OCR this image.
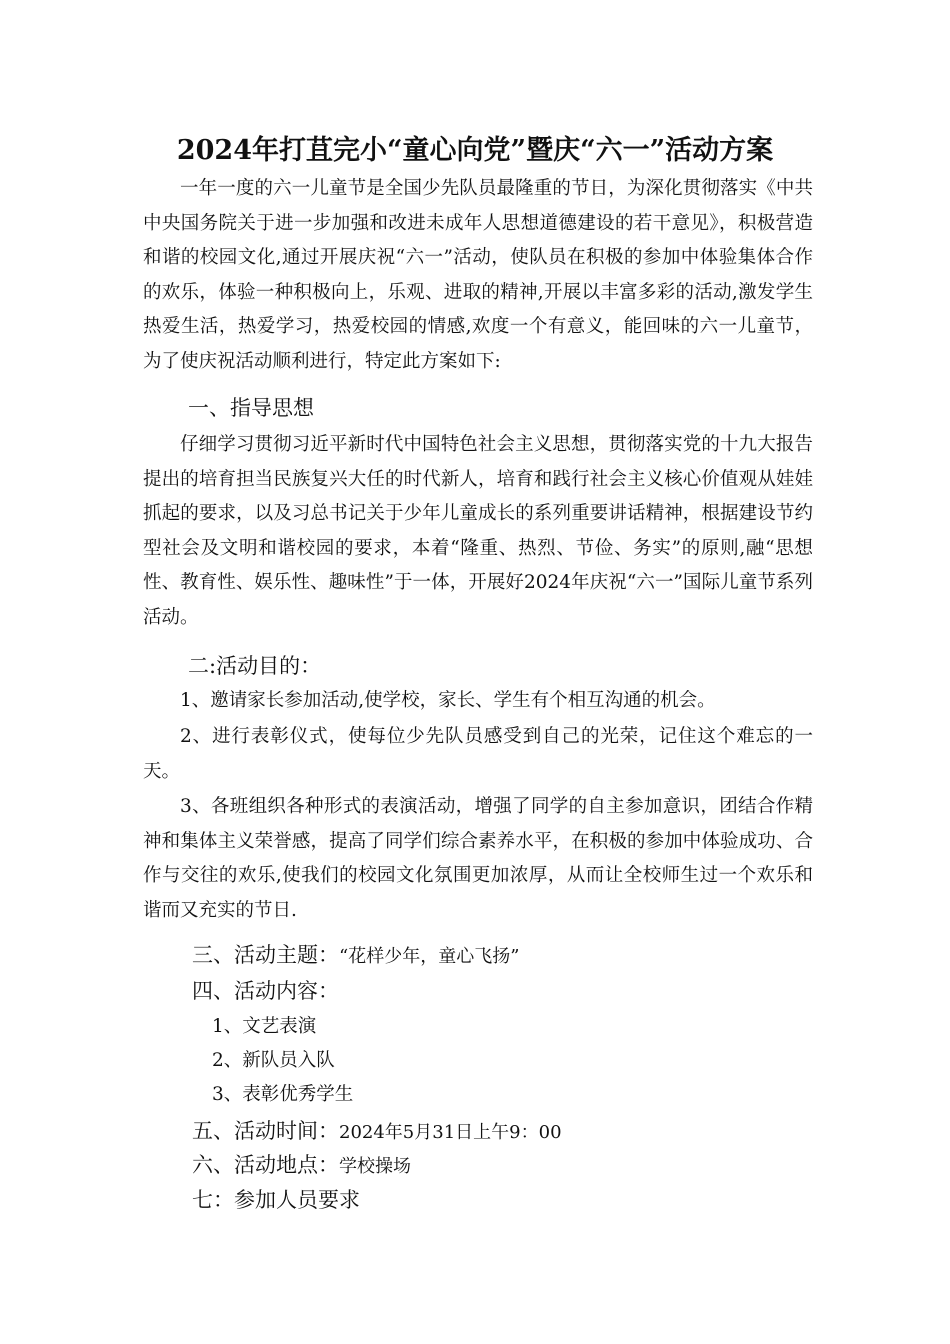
2024年打苴完小“童心向党”暨庆“六一”活动方案

一年一度的六一儿童节是全国少先队员最隆重的节日，为深化贯彻落实《中共中央国务院关于进一步加强和改进未成年人思想道德建设的若干意见》，积极营造和谐的校园文化,通过开展庆祝“六一”活动，使队员在积极的参加中体验集体合作的欢乐，体验一种积极向上，乐观、进取的精神,开展以丰富多彩的活动,激发学生热爱生活，热爱学习，热爱校园的情感,欢度一个有意义，能回味的六一儿童节，为了使庆祝活动顺利进行，特定此方案如下:

一、指导思想

仔细学习贯彻习近平新时代中国特色社会主义思想，贯彻落实党的十九大报告提出的培育担当民族复兴大任的时代新人，培育和践行社会主义核心价值观从娃娃抓起的要求，以及习总书记关于少年儿童成长的系列重要讲话精神，根据建设节约型社会及文明和谐校园的要求，本着“隆重、热烈、节俭、务实”的原则,融“思想性、教育性、娱乐性、趣味性”于一体，开展好2024年庆祝“六一”国际儿童节系列活动。

二:活动目的：

1、邀请家长参加活动,使学校，家长、学生有个相互沟通的机会。

2、进行表彰仪式，使每位少先队员感受到自己的光荣，记住这个难忘的一天。

3、各班组织各种形式的表演活动，增强了同学的自主参加意识，团结合作精神和集体主义荣誉感，提高了同学们综合素养水平，在积极的参加中体验成功、合作与交往的欢乐,使我们的校园文化氛围更加浓厚，从而让全校师生过一个欢乐和谐而又充实的节日.

三、活动主题：“花样少年，童心飞扬”
四、活动内容：
1、文艺表演
2、新队员入队
3、表彰优秀学生
五、活动时间：2024年5月31日上午9：00
六、活动地点：学校操场
七：参加人员要求
